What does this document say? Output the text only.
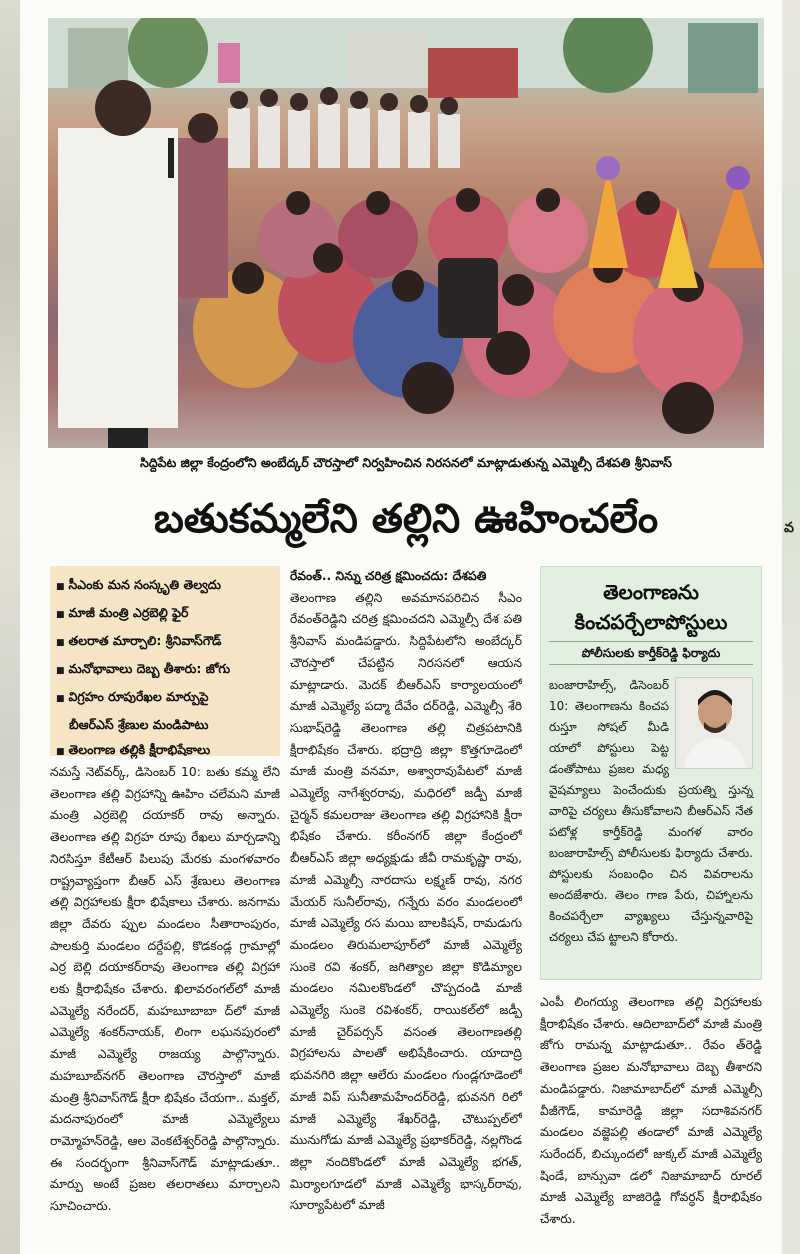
వ
సిద్దిపేట జిల్లా కేంద్రంలోని అంబేద్కర్ చౌరస్తాలో నిర్వహించిన నిరసనలో మాట్లాడుతున్న ఎమ్మెల్సీ దేశపతి శ్రీనివాస్
బతుకమ్మలేని తల్లిని ఊహించలేం
■ సీఎంకు మన సంస్కృతి తెల్వదు
■ మాజీ మంత్రి ఎర్రబెల్లి ఫైర్
■ తలరాత మార్చాలి: శ్రీనివాస్‌గౌడ్
■ మనోభావాలు దెబ్బ తీశారు: జోగు
■ విగ్రహం రూపురేఖల మార్పుపై
బీఆర్‌ఎస్ శ్రేణుల మండిపాటు
■ తెలంగాణ తల్లికి క్షీరాభిషేకాలు

నమస్తే నెట్‌వర్క్, డిసెంబర్ 10: బతు కమ్మ లేని తెలంగాణ తల్లి విగ్రహాన్ని ఊహిం చలేమని మాజీ మంత్రి ఎర్రబెల్లి దయాకర్ రావు అన్నారు. తెలంగాణ తల్లి విగ్రహ రూపు రేఖలు మార్చడాన్ని నిరసిస్తూ కేటీఆర్ పిలుపు మేరకు మంగళవారం రాష్ట్రవ్యాప్తంగా బీఆర్ ఎస్ శ్రేణులు తెలంగాణ తల్లి విగ్రహాలకు క్షీరా భిషేకాలు చేశారు. జనగామ జిల్లా దేవరు ప్పుల మండలం సీతారాంపురం, పాలకుర్తి మండలం దర్దేపల్లి, కొడకండ్ల గ్రామాల్లో ఎర్ర బెల్లి దయాకర్‌రావు తెలంగాణ తల్లి విగ్రహా లకు క్షీరాభిషేకం చేశారు. ఖిలావరంగల్‌లో మాజీ ఎమ్మెల్యే నరేందర్, మహబూబాబా ద్‌లో మాజీ ఎమ్మెల్యే శంకర్‌నాయక్, లింగా లఘనపురంలో మాజీ ఎమ్మెల్యే రాజయ్య పాల్గొన్నారు. మహబూబ్‌నగర్ తెలంగాణ చౌరస్తాలో మాజీ మంత్రి శ్రీనివాస్‌గౌడ్ క్షీరా భిషేకం చేయగా.. మక్తల్, మదనాపురంలో మాజీ ఎమ్మెల్యేలు రామ్మోహన్‌రెడ్డి, ఆల వెంకటేశ్వర్‌రెడ్డి పాల్గొన్నారు. ఈ సందర్భంగా శ్రీనివాస్‌గౌడ్ మాట్లాడుతూ.. మార్పు అంటే ప్రజల తలరాతలు మార్చాలని సూచించారు.

రేవంత్.. నిన్ను చరిత్ర క్షమించదు: దేశపతి

తెలంగాణ తల్లిని అవమానపరిచిన సీఎం రేవంత్‌రెడ్డిని చరిత్ర క్షమించదని ఎమ్మెల్సీ దేశ పతి శ్రీనివాస్ మండిపడ్డారు. సిద్దిపేటలోని అంబేద్కర్ చౌరస్తాలో చేపట్టిన నిరసనలో ఆయన మాట్లాడారు. మెదక్ బీఆర్‌ఎస్ కార్యాలయంలో మాజీ ఎమ్మెల్యే పద్మా దేవేం దర్‌రెడ్డి, ఎమ్మెల్సీ శేరి సుభాష్‌రెడ్డి తెలంగాణ తల్లి చిత్రపటానికి క్షీరాభిషేకం చేశారు. భద్రాద్రి జిల్లా కొత్తగూడెంలో మాజీ మంత్రి వనమా, అశ్వారావుపేటలో మాజీ ఎమ్మెల్యే నాగేశ్వరరావు, మధిరలో జడ్పీ మాజీ చైర్మన్ కమలరాజు తెలంగాణ తల్లి విగ్రహానికి క్షీరా భిషేకం చేశారు. కరీంనగర్ జిల్లా కేంద్రంలో బీఆర్‌ఎస్ జిల్లా అధ్యక్షుడు జీవీ రామకృష్ణా రావు, మాజీ ఎమ్మెల్సీ నారదాసు లక్ష్మణ్ రావు, నగర మేయర్ సునీల్‌రావు, గన్నేరు వరం మండలంలో మాజీ ఎమ్మెల్యే రస మయి బాలకిషన్, రామడుగు మండలం తిరుమలాపూర్‌లో మాజీ ఎమ్మెల్యే సుంకె రవి శంకర్, జగిత్యాల జిల్లా కొడిమ్యాల మండలం నమిలకొండలో చొప్పదండి మాజీ ఎమ్మెల్యే సుంకె రవిశంకర్, రాయికల్‌లో జడ్పీ మాజీ చైర్‌పర్సన్ వసంత తెలంగాణతల్లి విగ్రహాలను పాలతో అభిషేకించారు. యాదాద్రి భువనగిరి జిల్లా ఆలేరు మండలం గుండ్లగూడెంలో మాజీ విప్ సునీతామహేందర్‌రెడ్డి, భువనగి రిలో మాజీ ఎమ్మెల్యే శేఖర్‌రెడ్డి, చౌటుప్పల్‌లో మునుగోడు మాజీ ఎమ్మెల్యే ప్రభాకర్‌రెడ్డి, నల్లగొండ జిల్లా నందికొండలో మాజీ ఎమ్మెల్యే భగత్, మిర్యాలగూడలో మాజీ ఎమ్మెల్యే భాస్కర్‌రావు, సూర్యాపేటలో మాజీ

తెలంగాణను
కించపర్చేలాపోస్టులు
పోలీసులకు కార్తీక్‌రెడ్డి ఫిర్యాదు
బంజారాహిల్స్, డిసెంబర్ 10: తెలంగాణను కించప రుస్తూ సోషల్ మీడి యాలో పోస్టులు పెట్ట డంతోపాటు ప్రజల మధ్య వైషమ్యాలు పెంచేందుకు ప్రయత్ని స్తున్న వారిపై చర్యలు తీసుకోవాలని బీఆర్‌ఎస్ నేత పటోళ్ల కార్తీక్‌రెడ్డి మంగళ వారం బంజారాహిల్స్ పోలీసులకు ఫిర్యాదు చేశారు. పోస్టులకు సంబంధిం చిన వివరాలను అందజేశారు. తెలం గాణ పేరు, చిహ్నాలను కించపర్చేలా వ్యాఖ్యలు చేస్తున్నవారిపై చర్యలు చేప ట్టాలని కోరారు.

ఎంపీ లింగయ్య తెలంగాణ తల్లి విగ్రహాలకు క్షీరాభిషేకం చేశారు. ఆదిలాబాద్‌లో మాజీ మంత్రి జోగు రామన్న మాట్లాడుతూ.. రేవం త్‌రెడ్డి తెలంగాణ ప్రజల మనోభావాలు దెబ్బ తీశారని మండిపడ్డారు. నిజామాబాద్‌లో మాజీ ఎమ్మెల్సీ వీజీగౌడ్, కామారెడ్డి జిల్లా సదాశివనగర్ మండలం వజ్జెపల్లి తండాలో మాజీ ఎమ్మెల్యే సురేందర్, బిచ్కుందలో జుక్కల్ మాజీ ఎమ్మెల్యే షిండే, బాన్సువా డలో నిజామాబాద్ రూరల్ మాజీ ఎమ్మెల్యే బాజిరెడ్డి గోవర్ధన్ క్షీరాభిషేకం చేశారు.
